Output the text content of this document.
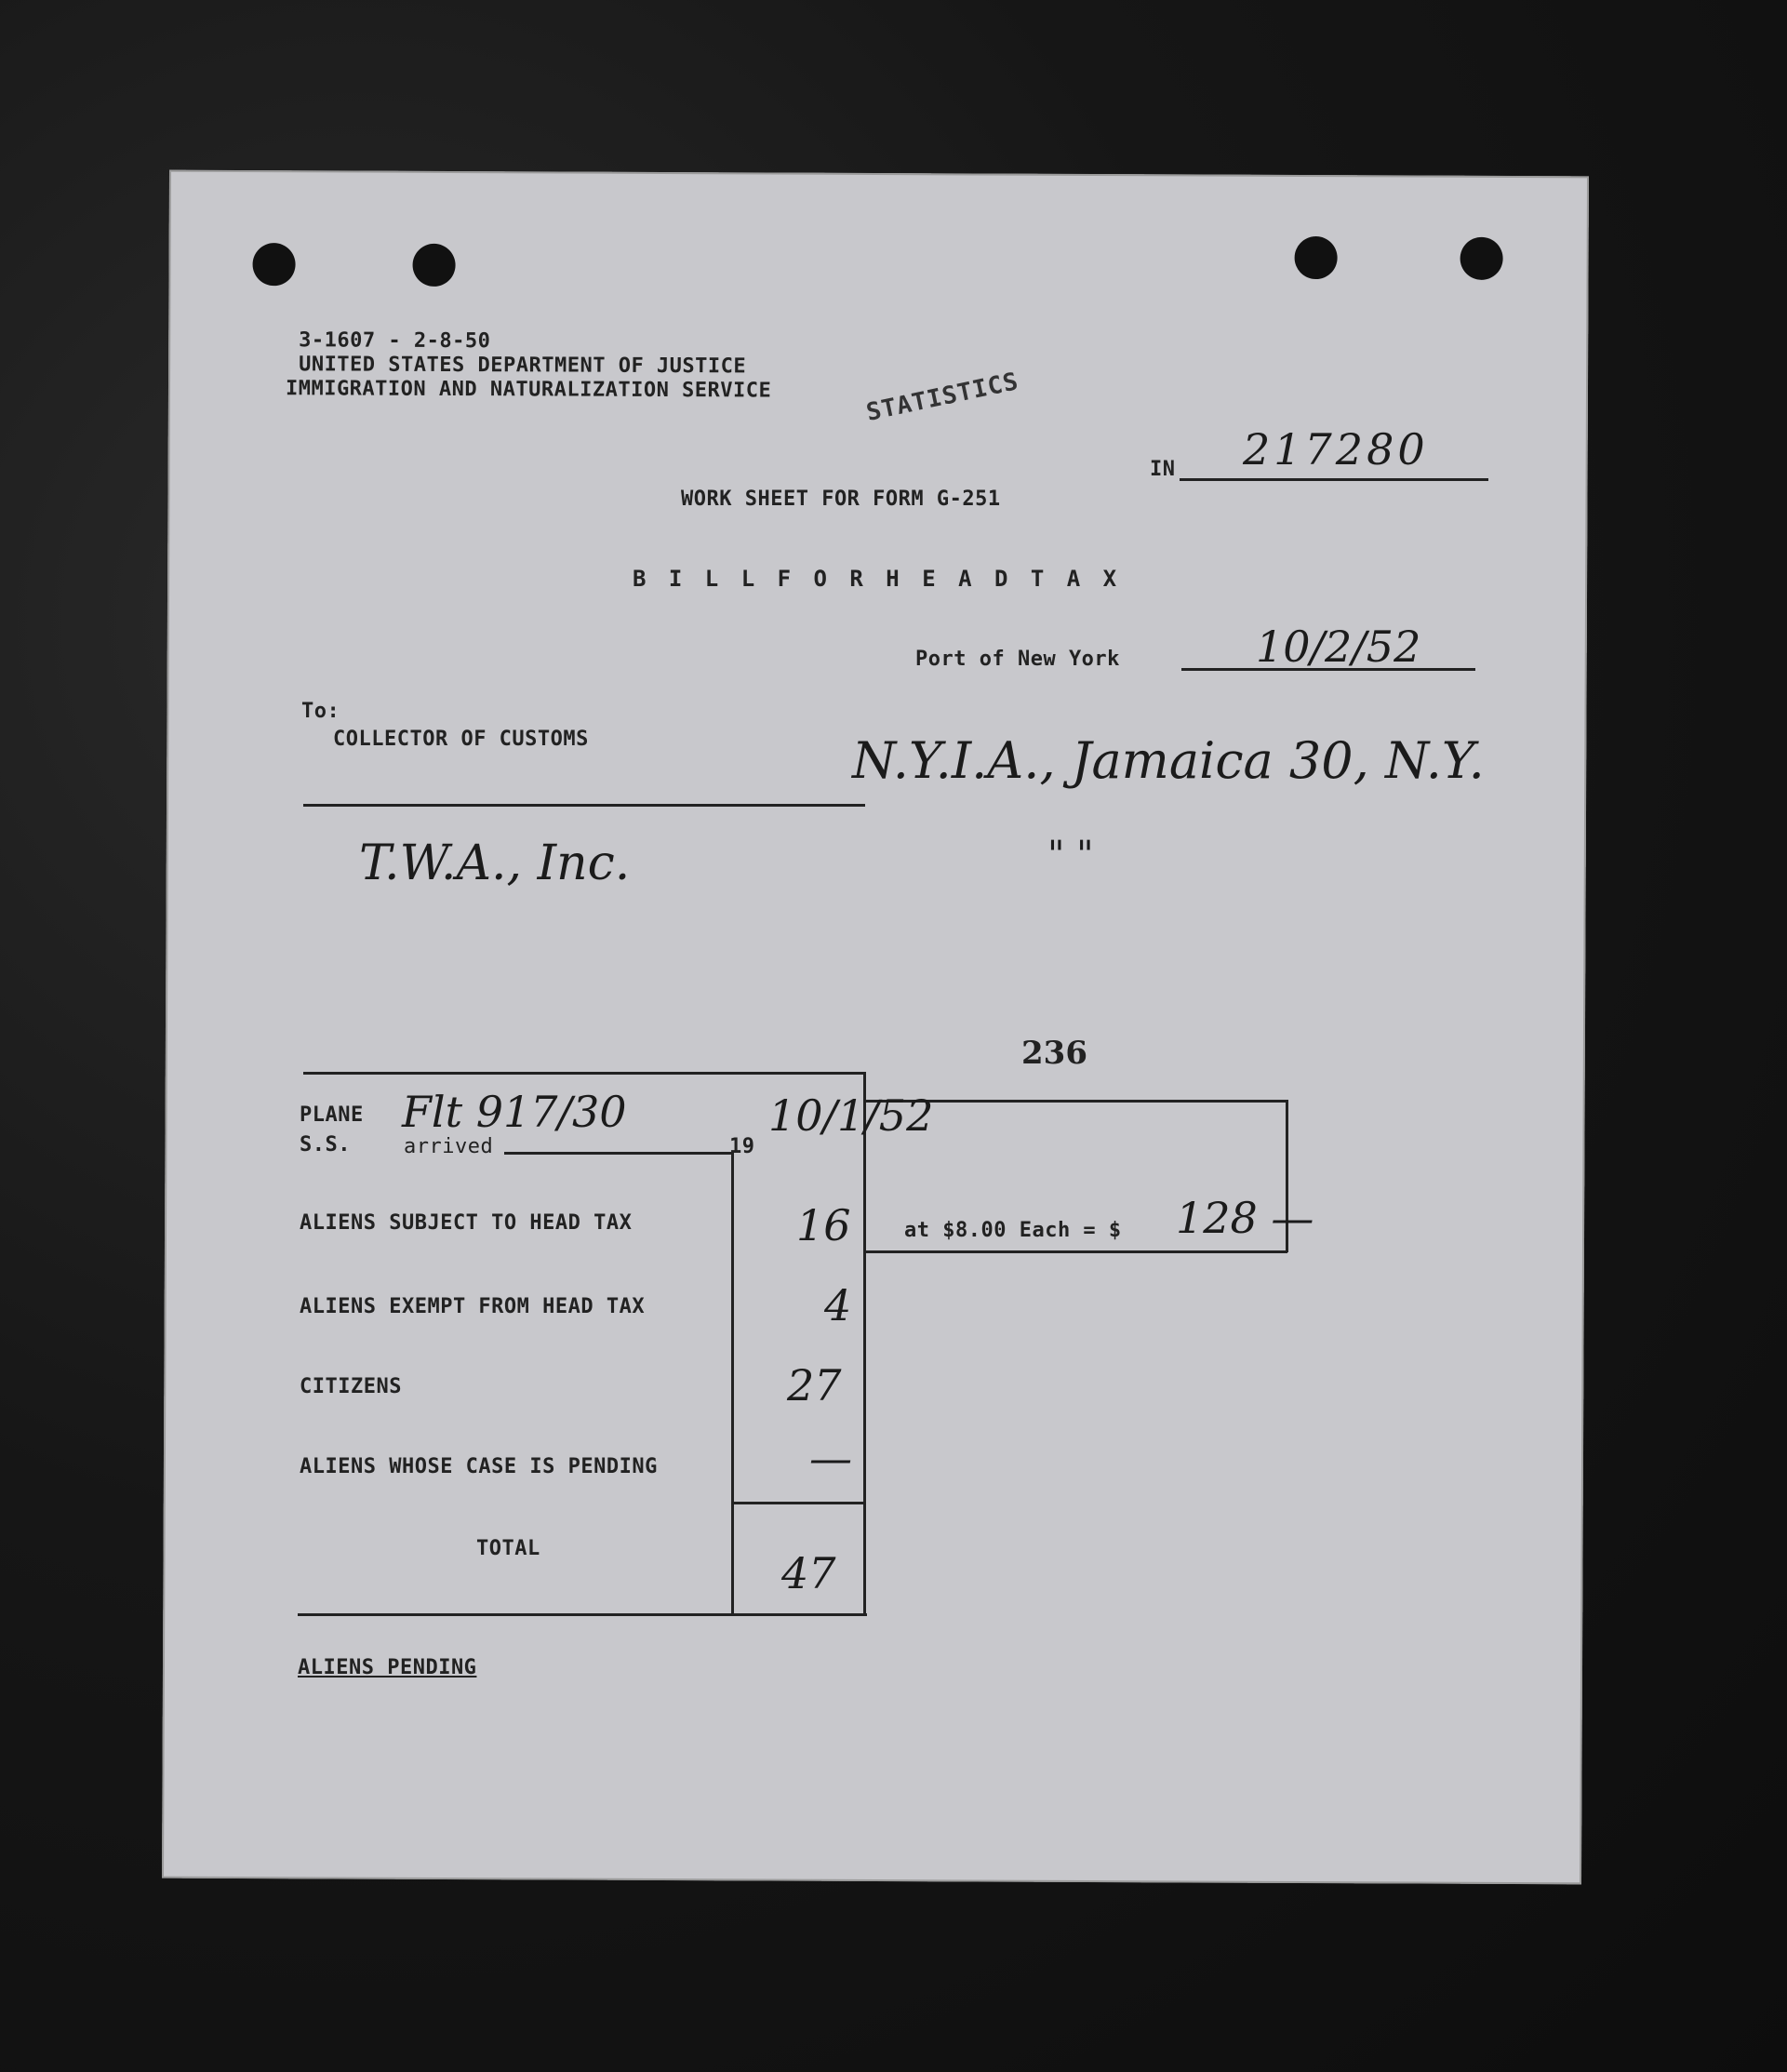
3-1607 - 2-8-50
UNITED STATES DEPARTMENT OF JUSTICE
IMMIGRATION AND NATURALIZATION SERVICE	STATISTICS
IN 217280
WORK SHEET FOR FORM G-251
B I L L F O R H E A D T A X
Port of New York	10/2/52
To:
COLLECTOR OF CUSTOMS	N.Y.I.A., Jamaica 30, N.Y.
T.W.A., Inc.	" "
236
PLANE
S.S.	arrived
Flt 917/30
19
10/1/52
ALIENS SUBJECT TO HEAD TAX	16
ALIENS EXEMPT FROM HEAD TAX	4
CITIZENS	27
ALIENS WHOSE CASE IS PENDING	—
TOTAL	47
at $8.00 Each = $ 128 —
ALIENS PENDING
